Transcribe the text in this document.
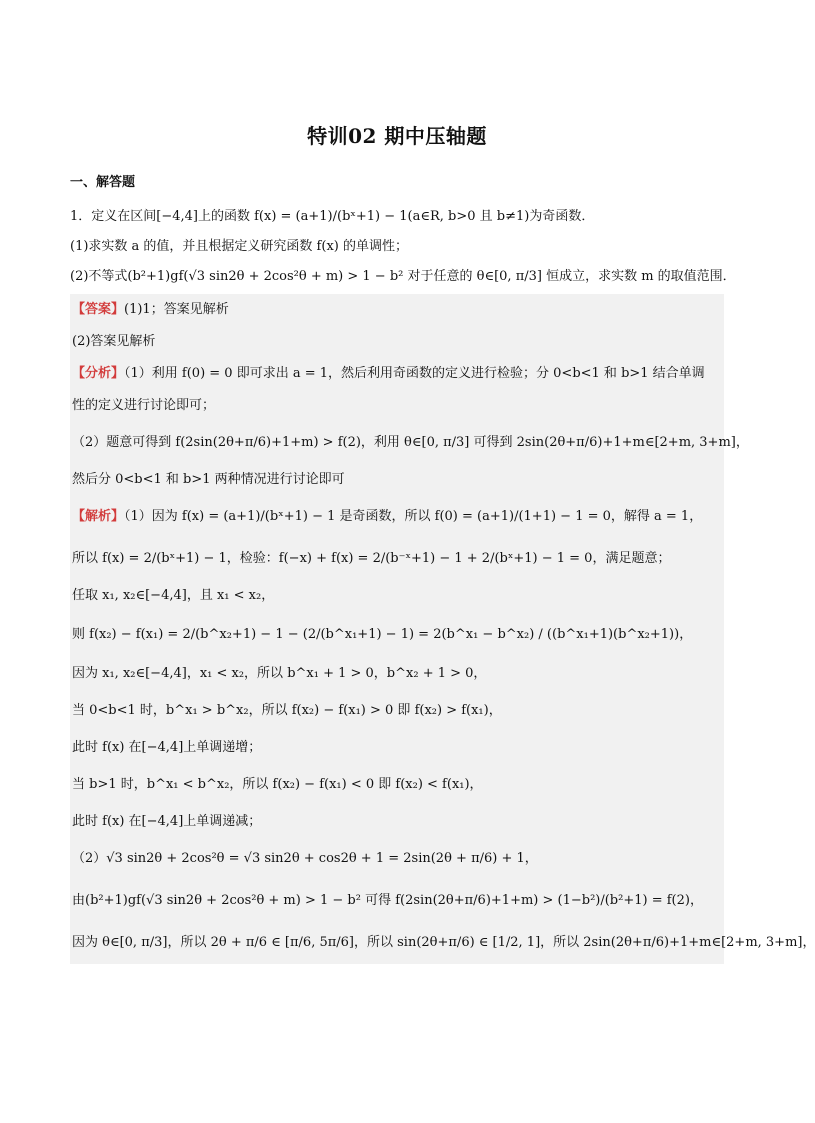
特训02 期中压轴题
一、解答题
1．定义在区间[−4,4]上的函数 f(x) = (a+1)/(bˣ+1) − 1(a∈R, b>0 且 b≠1)为奇函数．
(1)求实数 a 的值，并且根据定义研究函数 f(x) 的单调性；
(2)不等式(b²+1)gf(√3 sin2θ + 2cos²θ + m) > 1 − b² 对于任意的 θ∈[0, π/3] 恒成立，求实数 m 的取值范围．
【答案】(1)1；答案见解析
(2)答案见解析
【分析】（1）利用 f(0) = 0 即可求出 a = 1，然后利用奇函数的定义进行检验；分 0<b<1 和 b>1 结合单调
性的定义进行讨论即可；
（2）题意可得到 f(2sin(2θ+π/6)+1+m) > f(2)，利用 θ∈[0, π/3] 可得到 2sin(2θ+π/6)+1+m∈[2+m, 3+m]，
然后分 0<b<1 和 b>1 两种情况进行讨论即可
【解析】（1）因为 f(x) = (a+1)/(bˣ+1) − 1 是奇函数，所以 f(0) = (a+1)/(1+1) − 1 = 0，解得 a = 1，
所以 f(x) = 2/(bˣ+1) − 1，检验：f(−x) + f(x) = 2/(b⁻ˣ+1) − 1 + 2/(bˣ+1) − 1 = 0，满足题意；
任取 x₁, x₂∈[−4,4]，且 x₁ < x₂，
则 f(x₂) − f(x₁) = 2/(b^x₂+1) − 1 − (2/(b^x₁+1) − 1) = 2(b^x₁ − b^x₂) / ((b^x₁+1)(b^x₂+1))，
因为 x₁, x₂∈[−4,4]，x₁ < x₂，所以 b^x₁ + 1 > 0，b^x₂ + 1 > 0，
当 0<b<1 时，b^x₁ > b^x₂，所以 f(x₂) − f(x₁) > 0 即 f(x₂) > f(x₁)，
此时 f(x) 在[−4,4]上单调递增；
当 b>1 时，b^x₁ < b^x₂，所以 f(x₂) − f(x₁) < 0 即 f(x₂) < f(x₁)，
此时 f(x) 在[−4,4]上单调递减；
（2）√3 sin2θ + 2cos²θ = √3 sin2θ + cos2θ + 1 = 2sin(2θ + π/6) + 1，
由(b²+1)gf(√3 sin2θ + 2cos²θ + m) > 1 − b² 可得 f(2sin(2θ+π/6)+1+m) > (1−b²)/(b²+1) = f(2)，
因为 θ∈[0, π/3]，所以 2θ + π/6 ∈ [π/6, 5π/6]，所以 sin(2θ+π/6) ∈ [1/2, 1]，所以 2sin(2θ+π/6)+1+m∈[2+m, 3+m]，
